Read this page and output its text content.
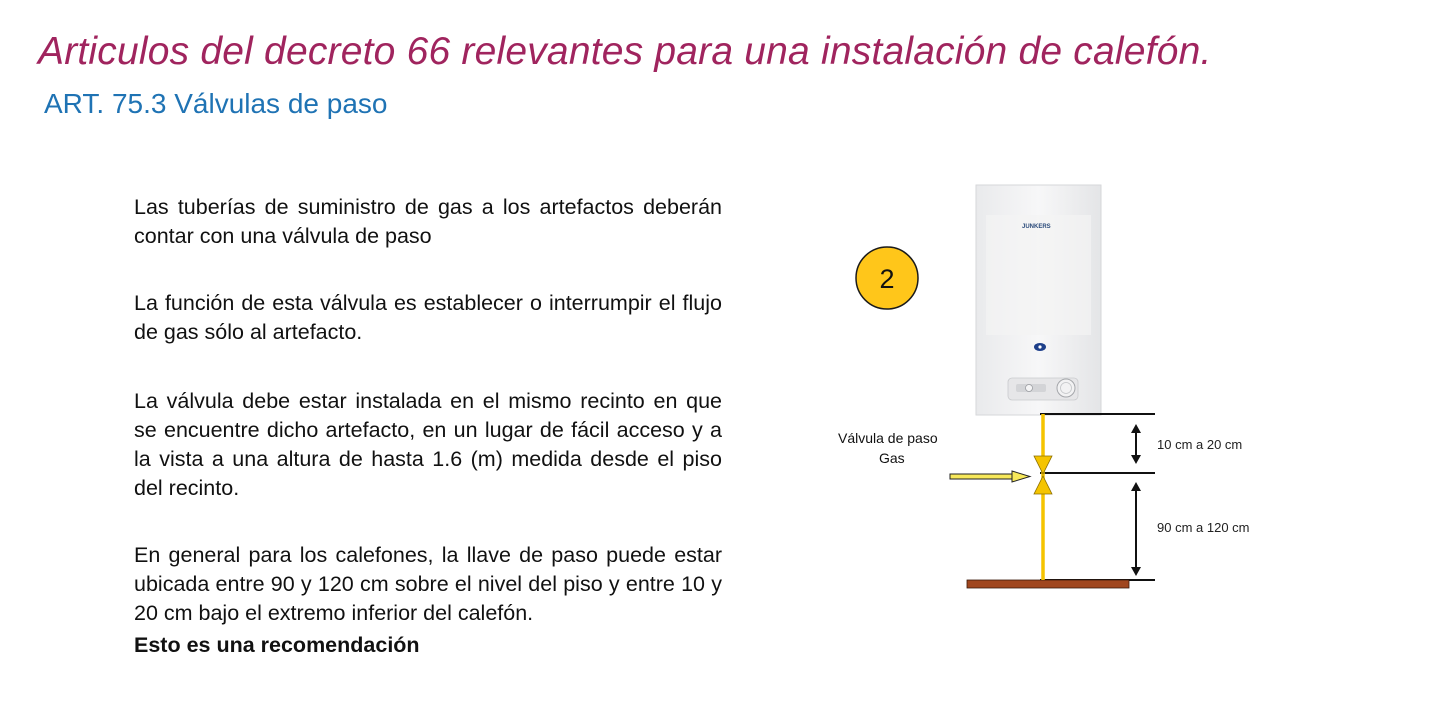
Articulos del decreto 66 relevantes para una instalación de calefón.
ART. 75.3 Válvulas de paso
Las tuberías de suministro de gas a los artefactos deberán contar con una válvula de paso
La función de esta válvula es establecer o interrumpir el flujo de gas sólo al artefacto.
La válvula debe estar instalada en el mismo recinto en que se encuentre dicho artefacto, en un lugar de fácil acceso y a la vista a una altura de hasta 1.6 (m) medida desde el piso del recinto.
En general para los calefones, la llave de paso puede estar ubicada entre 90 y 120 cm sobre el nivel del piso y entre 10 y 20 cm bajo el extremo inferior del calefón.
Esto es una recomendación
2
JUNKERS
Válvula de paso
Gas
10 cm a 20 cm
90 cm a 120 cm
